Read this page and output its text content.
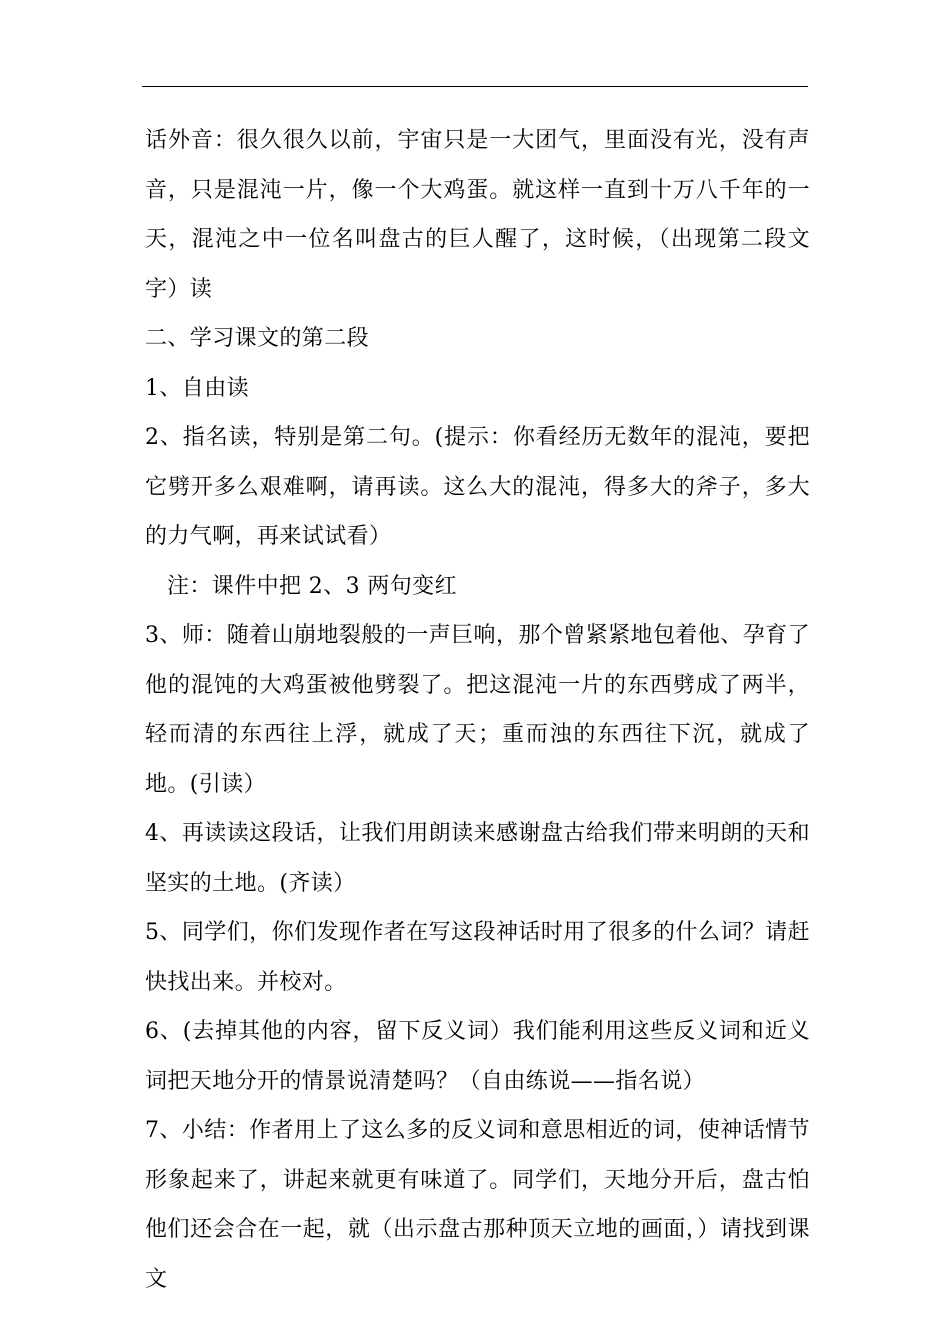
话外音：很久很久以前，宇宙只是一大团气，里面没有光，没有声音，只是混沌一片，像一个大鸡蛋。就这样一直到十万八千年的一天，混沌之中一位名叫盘古的巨人醒了，这时候，（出现第二段文字）读

二、学习课文的第二段

1、自由读

2、指名读，特别是第二句。(提示：你看经历无数年的混沌，要把它劈开多么艰难啊，请再读。这么大的混沌，得多大的斧子，多大的力气啊，再来试试看）

注：课件中把 2、3 两句变红

3、师：随着山崩地裂般的一声巨响，那个曾紧紧地包着他、孕育了他的混饨的大鸡蛋被他劈裂了。把这混沌一片的东西劈成了两半，轻而清的东西往上浮，就成了天；重而浊的东西往下沉，就成了地。(引读）

4、再读读这段话，让我们用朗读来感谢盘古给我们带来明朗的天和坚实的土地。(齐读）

5、同学们，你们发现作者在写这段神话时用了很多的什么词？请赶快找出来。并校对。

6、(去掉其他的内容，留下反义词）我们能利用这些反义词和近义词把天地分开的情景说清楚吗？（自由练说——指名说）

7、小结：作者用上了这么多的反义词和意思相近的词，使神话情节形象起来了，讲起来就更有味道了。同学们，天地分开后，盘古怕他们还会合在一起，就（出示盘古那种顶天立地的画面，）请找到课文
